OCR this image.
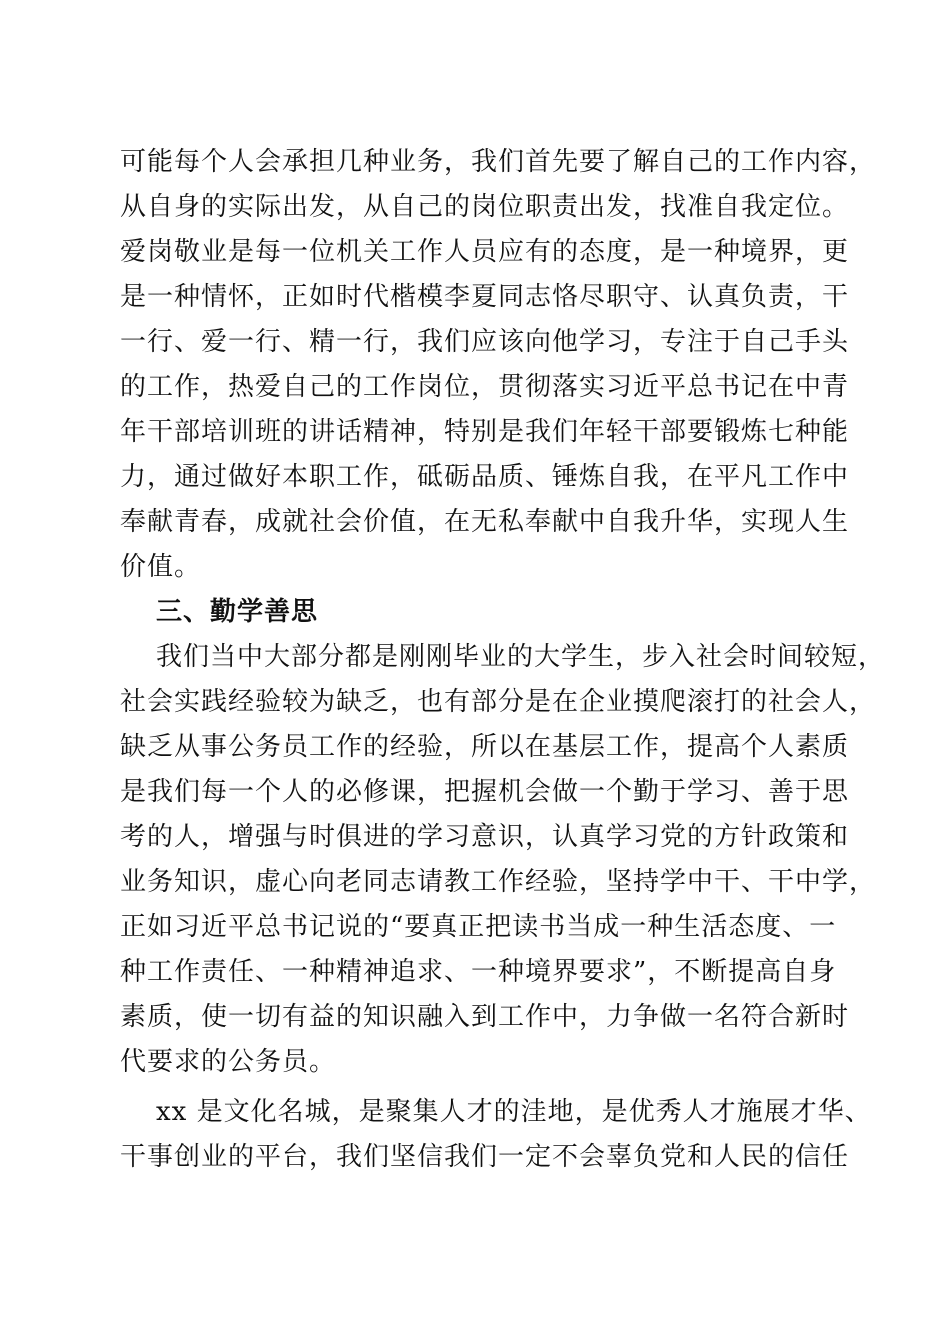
可能每个人会承担几种业务，我们首先要了解自己的工作内容，
从自身的实际出发，从自己的岗位职责出发，找准自我定位。
爱岗敬业是每一位机关工作人员应有的态度，是一种境界，更
是一种情怀，正如时代楷模李夏同志恪尽职守、认真负责，干
一行、爱一行、精一行，我们应该向他学习，专注于自己手头
的工作，热爱自己的工作岗位，贯彻落实习近平总书记在中青
年干部培训班的讲话精神，特别是我们年轻干部要锻炼七种能
力，通过做好本职工作，砥砺品质、锤炼自我，在平凡工作中
奉献青春，成就社会价值，在无私奉献中自我升华，实现人生
价值。
三、勤学善思
我们当中大部分都是刚刚毕业的大学生，步入社会时间较短，
社会实践经验较为缺乏，也有部分是在企业摸爬滚打的社会人，
缺乏从事公务员工作的经验，所以在基层工作，提高个人素质
是我们每一个人的必修课，把握机会做一个勤于学习、善于思
考的人，增强与时俱进的学习意识，认真学习党的方针政策和
业务知识，虚心向老同志请教工作经验，坚持学中干、干中学，
正如习近平总书记说的“要真正把读书当成一种生活态度、一
种工作责任、一种精神追求、一种境界要求”，不断提高自身
素质，使一切有益的知识融入到工作中，力争做一名符合新时
代要求的公务员。
xx 是文化名城，是聚集人才的洼地，是优秀人才施展才华、
干事创业的平台，我们坚信我们一定不会辜负党和人民的信任
